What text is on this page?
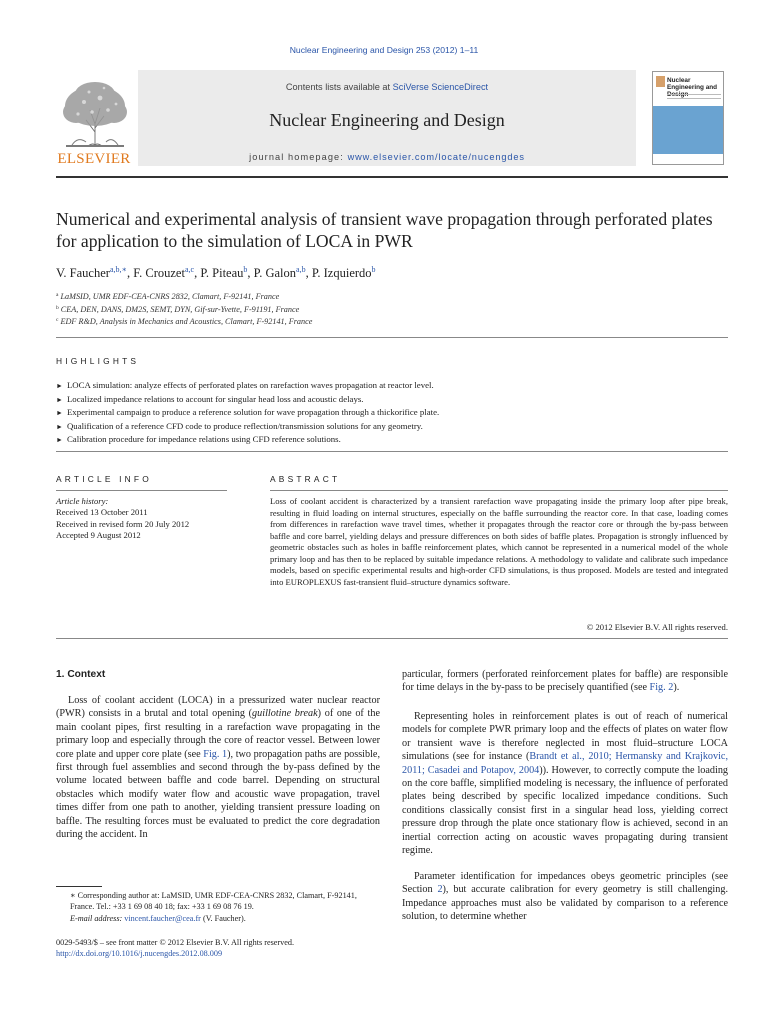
Nuclear Engineering and Design 253 (2012) 1–11
Contents lists available at SciVerse ScienceDirect
Nuclear Engineering and Design
journal homepage: www.elsevier.com/locate/nucengdes
ELSEVIER
Nuclear Engineering and Design
Numerical and experimental analysis of transient wave propagation through perforated plates for application to the simulation of LOCA in PWR
V. Faucher$^{a,b,∗}$, F. Crouzet$^{a,c}$, P. Piteau$^b$, P. Galon$^{a,b}$, P. Izquierdo$^b$
$^a$ LaMSID, UMR EDF-CEA-CNRS 2832, Clamart, F-92141, France
$^b$ CEA, DEN, DANS, DM2S, SEMT, DYN, Gif-sur-Yvette, F-91191, France
$^c$ EDF R&D, Analysis in Mechanics and Acoustics, Clamart, F-92141, France
HIGHLIGHTS
► LOCA simulation: analyze effects of perforated plates on rarefaction waves propagation at reactor level.
► Localized impedance relations to account for singular head loss and acoustic delays.
► Experimental campaign to produce a reference solution for wave propagation through a thickorifice plate.
► Qualification of a reference CFD code to produce reflection/transmission solutions for any geometry.
► Calibration procedure for impedance relations using CFD reference solutions.
ARTICLE INFO	ABSTRACT
Article history:
Received 13 October 2011
Received in revised form 20 July 2012
Accepted 9 August 2012
Loss of coolant accident is characterized by a transient rarefaction wave propagating inside the primary loop after pipe break, resulting in fluid loading on internal structures, especially on the baffle surrounding the reactor core. In that case, loading comes from differences in rarefaction wave travel times, whether it propagates through the reactor core or through the by-pass between baffle and core barrel, yielding delays and pressure differences on both sides of baffle plates. Propagation is strongly influenced by geometric obstacles such as holes in baffle reinforcement plates, which cannot be represented in a numerical model of the whole primary loop and has then to be replaced by suitable impedance relations. A methodology to validate and calibrate such impedance models, based on specific experimental results and high-order CFD simulations, is thus proposed. Models are tested and integrated into EUROPLEXUS fast-transient fluid–structure dynamics software.
© 2012 Elsevier B.V. All rights reserved.
1. Context
Loss of coolant accident (LOCA) in a pressurized water nuclear reactor (PWR) consists in a brutal and total opening (guillotine break) of one of the main coolant pipes, first resulting in a rarefaction wave propagating in the primary loop and especially through the core of reactor vessel. Between lower core plate and upper core plate (see Fig. 1), two propagation paths are possible, first through fuel assemblies and second through the by-pass defined by the volume located between baffle and code barrel. Depending on structural obstacles which modify water flow and acoustic wave propagation, travel times differ from one path to another, yielding transient pressure loading on baffle. The resulting forces must be evaluated to predict the core degradation during the accident. In
particular, formers (perforated reinforcement plates for baffle) are responsible for time delays in the by-pass to be precisely quantified (see Fig. 2).
Representing holes in reinforcement plates is out of reach of numerical models for complete PWR primary loop and the effects of plates on water flow or transient wave is therefore neglected in most fluid–structure LOCA simulations (see for instance (Brandt et al., 2010; Hermansky and Krajkovic, 2011; Casadei and Potapov, 2004)). However, to correctly compute the loading on the core baffle, simplified modeling is necessary, the influence of perforated plates being described by specific localized impedance conditions. Such conditions classically consist first in a singular head loss, yielding correct pressure drop through the plate once stationary flow is achieved, second in an inertial correction acting on acoustic waves propagating during transient regime.
Parameter identification for impedances obeys geometric principles (see Section 2), but accurate calibration for every geometry is still challenging. Impedance approaches must also be validated by comparison to a reference solution, to determine whether
∗ Corresponding author at: LaMSID, UMR EDF-CEA-CNRS 2832, Clamart, F-92141, France. Tel.: +33 1 69 08 40 18; fax: +33 1 69 08 76 19.
E-mail address: vincent.faucher@cea.fr (V. Faucher).
0029-5493/$ – see front matter © 2012 Elsevier B.V. All rights reserved.
http://dx.doi.org/10.1016/j.nucengdes.2012.08.009
